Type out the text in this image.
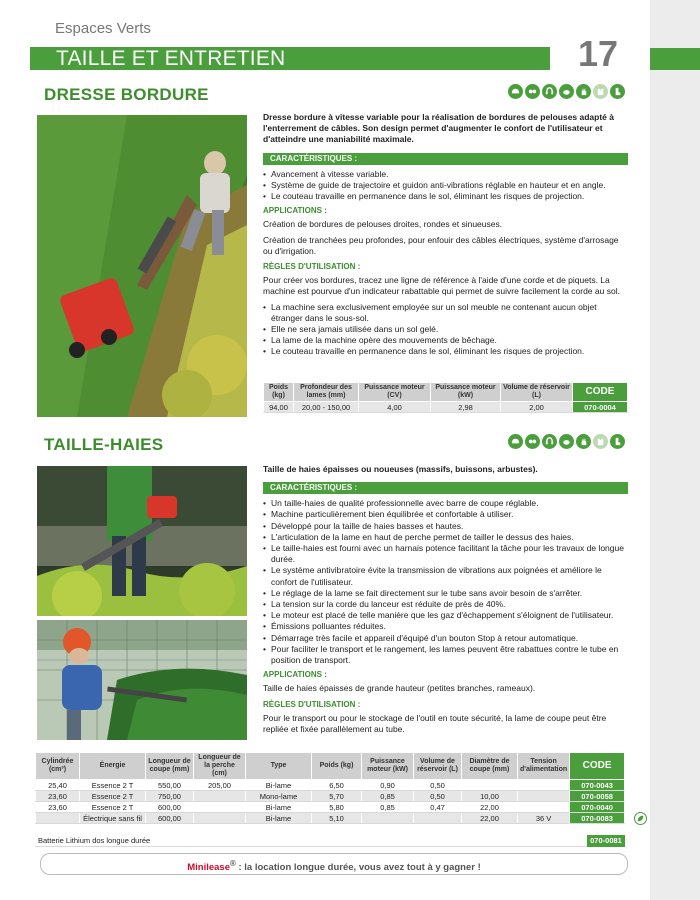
Espaces Verts
TAILLE ET ENTRETIEN	17
DRESSE BORDURE

Dresse bordure à vitesse variable pour la réalisation de bordures de pelouses adapté à l'enterrement de câbles. Son design permet d'augmenter le confort de l'utilisateur et d'atteindre une maniabilité maximale.

CARACTÉRISTIQUES :
• Avancement à vitesse variable.
• Système de guide de trajectoire et guidon anti-vibrations réglable en hauteur et en angle.
• Le couteau travaille en permanence dans le sol, éliminant les risques de projection.
APPLICATIONS :

Création de bordures de pelouses droites, rondes et sinueuses.

Création de tranchées peu profondes, pour enfouir des câbles électriques, système d'arrosage ou d'irrigation.

RÈGLES D'UTILISATION :

Pour créer vos bordures, tracez une ligne de référence à l'aide d'une corde et de piquets. La machine est pourvue d'un indicateur rabattable qui permet de suivre facilement la corde au sol.

• La machine sera exclusivement employée sur un sol meuble ne contenant aucun objet étranger dans le sous-sol.
• Elle ne sera jamais utilisée dans un sol gelé.
• La lame de la machine opère des mouvements de bêchage.
• Le couteau travaille en permanence dans le sol, éliminant les risques de projection.
Poids (kg)	Profondeur des lames (mm)	Puissance moteur (CV)	Puissance moteur (kW)	Volume de réservoir (L)	CODE
94,00	20,00 - 150,00	4,00	2,98	2,00	070-0004
TAILLE-HAIES

Taille de haies épaisses ou noueuses (massifs, buissons, arbustes).

CARACTÉRISTIQUES :
• Un taille-haies de qualité professionnelle avec barre de coupe réglable.
• Machine particulièrement bien équilibrée et confortable à utiliser.
• Développé pour la taille de haies basses et hautes.
• L'articulation de la lame en haut de perche permet de tailler le dessus des haies.
• Le taille-haies est fourni avec un harnais potence facilitant la tâche pour les travaux de longue durée.
• Le système antivibratoire évite la transmission de vibrations aux poignées et améliore le confort de l'utilisateur.
• Le réglage de la lame se fait directement sur le tube sans avoir besoin de s'arrêter.
• La tension sur la corde du lanceur est réduite de près de 40%.
• Le moteur est placé de telle manière que les gaz d'échappement s'éloignent de l'utilisateur.
• Émissions polluantes réduites.
• Démarrage très facile et appareil d'équipé d'un bouton Stop à retour automatique.
• Pour faciliter le transport et le rangement, les lames peuvent être rabattues contre le tube en position de transport.
APPLICATIONS :

Taille de haies épaisses de grande hauteur (petites branches, rameaux).

RÈGLES D'UTILISATION :

Pour le transport ou pour le stockage de l'outil en toute sécurité, la lame de coupe peut être repliée et fixée parallèlement au tube.

Cylindrée (cm³)	Énergie	Longueur de coupe (mm)	Longueur de la perche (cm)	Type	Poids (kg)	Puissance moteur (kW)	Volume de réservoir (L)	Diamètre de coupe (mm)	Tension d'alimentation	CODE
25,40	Essence 2 T	550,00	205,00	Bi-lame	6,50	0,90	0,50			070-0043
23,60	Essence 2 T	750,00		Mono-lame	5,70	0,85	0,50	10,00		070-0058
23,60	Essence 2 T	600,00		Bi-lame	5,80	0,85	0,47	22,00		070-0040
	Électrique sans fil	600,00		Bi-lame	5,10			22,00	36 V	070-0083
Batterie Lithium dos longue durée	070-0081
Minilease® : la location longue durée, vous avez tout à y gagner !
